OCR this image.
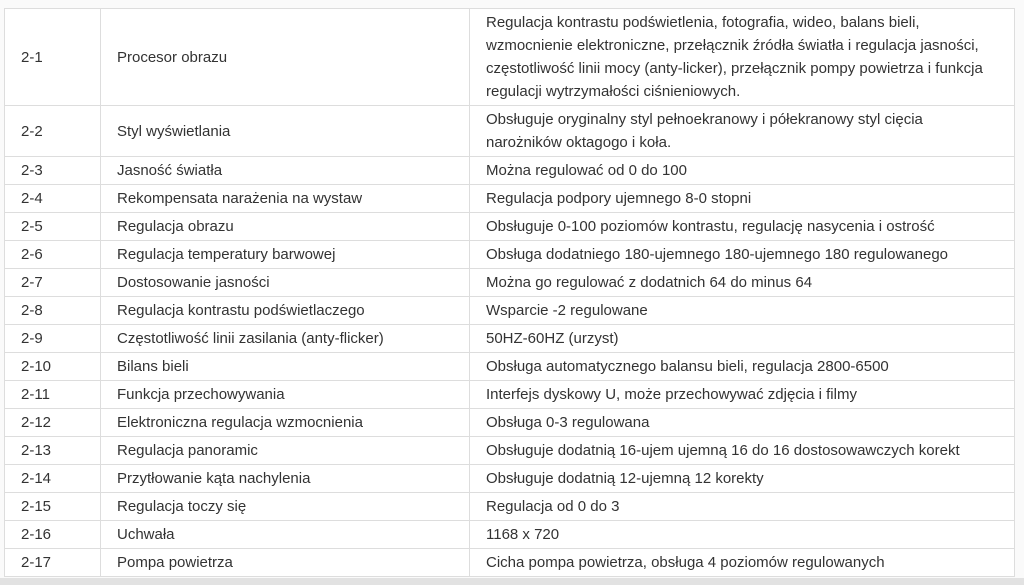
2-1	Procesor obrazu	Regulacja kontrastu podświetlenia, fotografia, wideo, balans bieli, wzmocnienie elektroniczne, przełącznik źródła światła i regulacja jasności, częstotliwość linii mocy (anty-licker), przełącznik pompy powietrza i funkcja regulacji wytrzymałości ciśnieniowych.
2-2	Styl wyświetlania	Obsługuje oryginalny styl pełnoekranowy i półekranowy styl cięcia narożników oktagogo i koła.
2-3	Jasność światła	Można regulować od 0 do 100
2-4	Rekompensata narażenia na wystaw	Regulacja podpory ujemnego 8-0 stopni
2-5	Regulacja obrazu	Obsługuje 0-100 poziomów kontrastu, regulację nasycenia i ostrość
2-6	Regulacja temperatury barwowej	Obsługa dodatniego 180-ujemnego 180-ujemnego 180 regulowanego
2-7	Dostosowanie jasności	Można go regulować z dodatnich 64 do minus 64
2-8	Regulacja kontrastu podświetlaczego	Wsparcie -2 regulowane
2-9	Częstotliwość linii zasilania (anty-flicker)	50HZ-60HZ (urzyst)
2-10	Bilans bieli	Obsługa automatycznego balansu bieli, regulacja 2800-6500
2-11	Funkcja przechowywania	Interfejs dyskowy U, może przechowywać zdjęcia i filmy
2-12	Elektroniczna regulacja wzmocnienia	Obsługa 0-3 regulowana
2-13	Regulacja panoramic	Obsługuje dodatnią 16-ujem ujemną 16 do 16 dostosowawczych korekt
2-14	Przytłowanie kąta nachylenia	Obsługuje dodatnią 12-ujemną 12 korekty
2-15	Regulacja toczy się	Regulacja od 0 do 3
2-16	Uchwała	1168 x 720
2-17	Pompa powietrza	Cicha pompa powietrza, obsługa 4 poziomów regulowanych
